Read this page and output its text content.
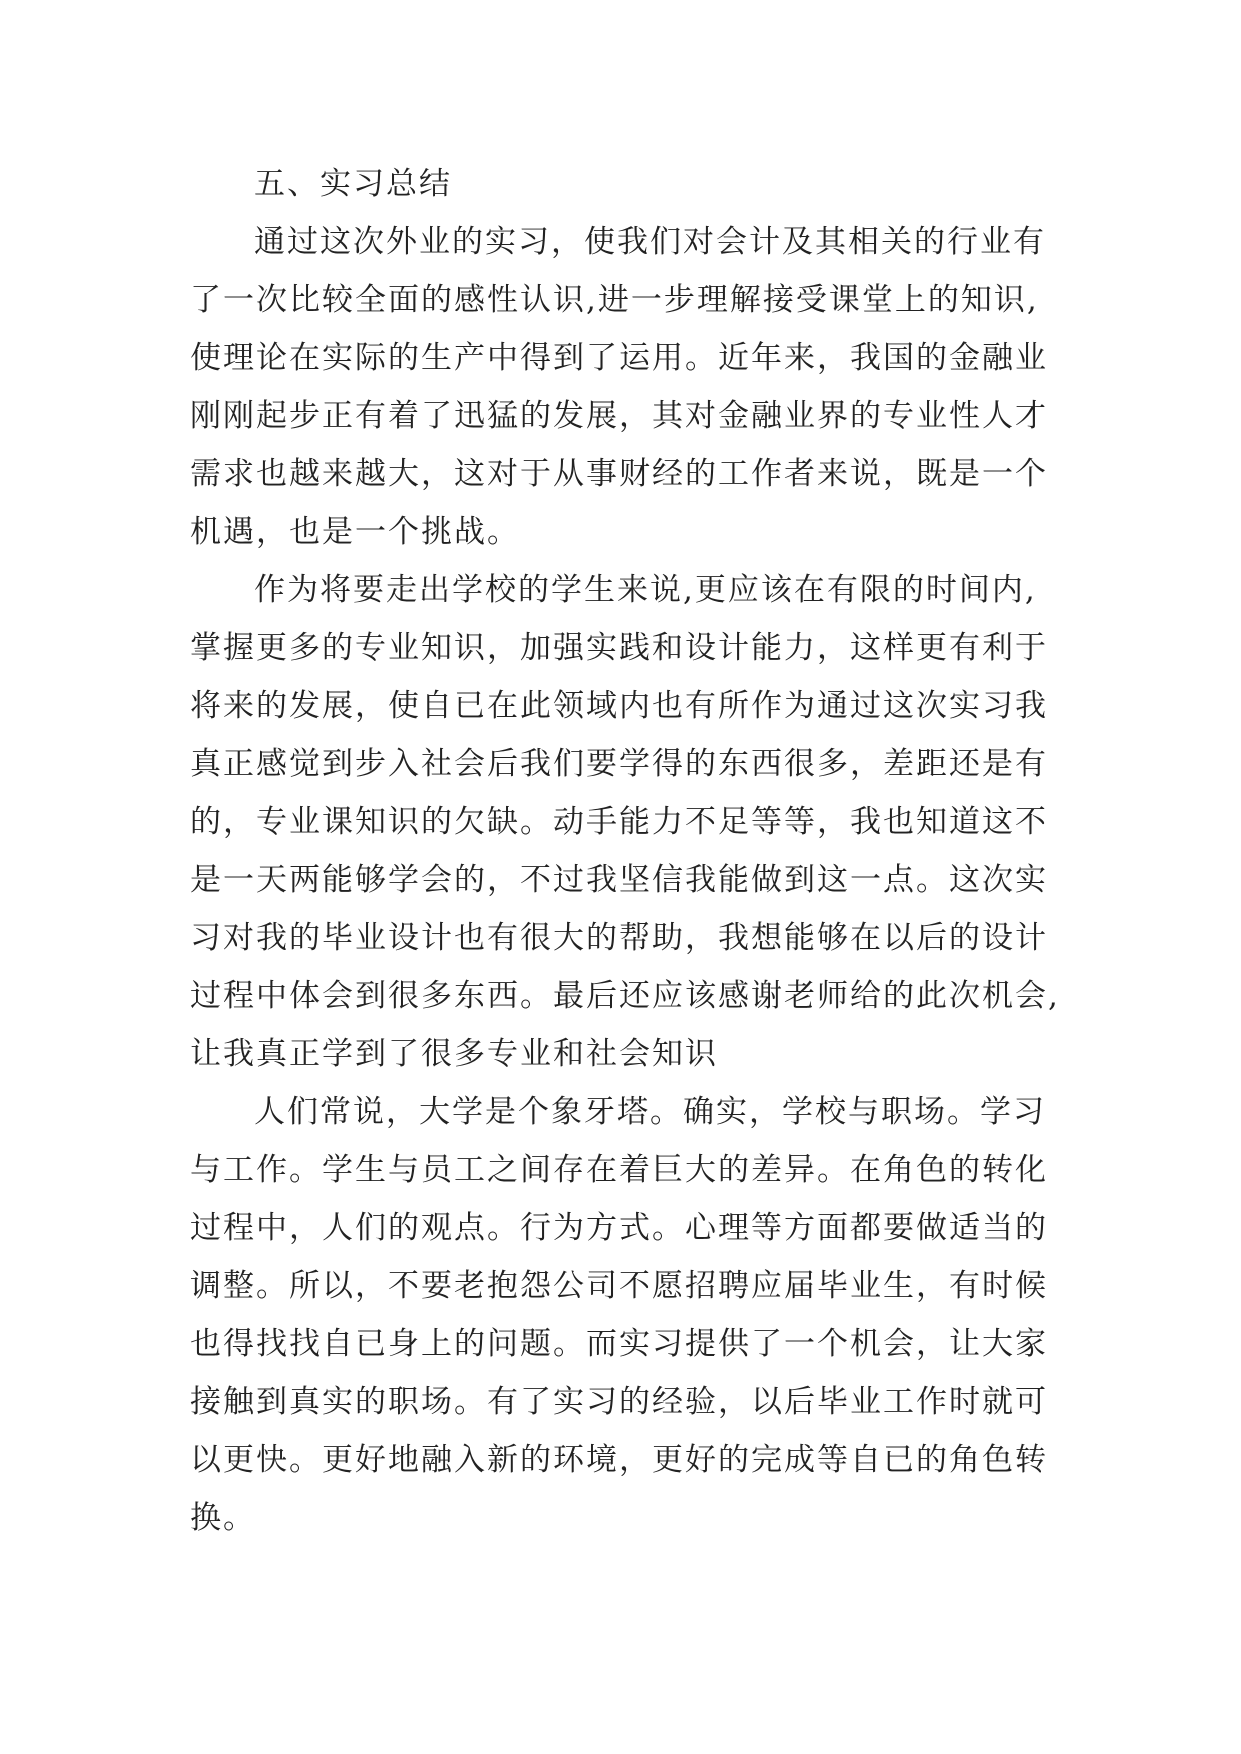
五、实习总结
通过这次外业的实习，使我们对会计及其相关的行业有
了一次比较全面的感性认识,进一步理解接受课堂上的知识,
使理论在实际的生产中得到了运用。近年来，我国的金融业
刚刚起步正有着了迅猛的发展，其对金融业界的专业性人才
需求也越来越大，这对于从事财经的工作者来说，既是一个
机遇，也是一个挑战。
作为将要走出学校的学生来说,更应该在有限的时间内,
掌握更多的专业知识，加强实践和设计能力，这样更有利于
将来的发展，使自已在此领域内也有所作为通过这次实习我
真正感觉到步入社会后我们要学得的东西很多，差距还是有
的，专业课知识的欠缺。动手能力不足等等，我也知道这不
是一天两能够学会的，不过我坚信我能做到这一点。这次实
习对我的毕业设计也有很大的帮助，我想能够在以后的设计
过程中体会到很多东西。最后还应该感谢老师给的此次机会,
让我真正学到了很多专业和社会知识
人们常说，大学是个象牙塔。确实，学校与职场。学习
与工作。学生与员工之间存在着巨大的差异。在角色的转化
过程中，人们的观点。行为方式。心理等方面都要做适当的
调整。所以，不要老抱怨公司不愿招聘应届毕业生，有时候
也得找找自已身上的问题。而实习提供了一个机会，让大家
接触到真实的职场。有了实习的经验，以后毕业工作时就可
以更快。更好地融入新的环境，更好的完成等自已的角色转
换。
